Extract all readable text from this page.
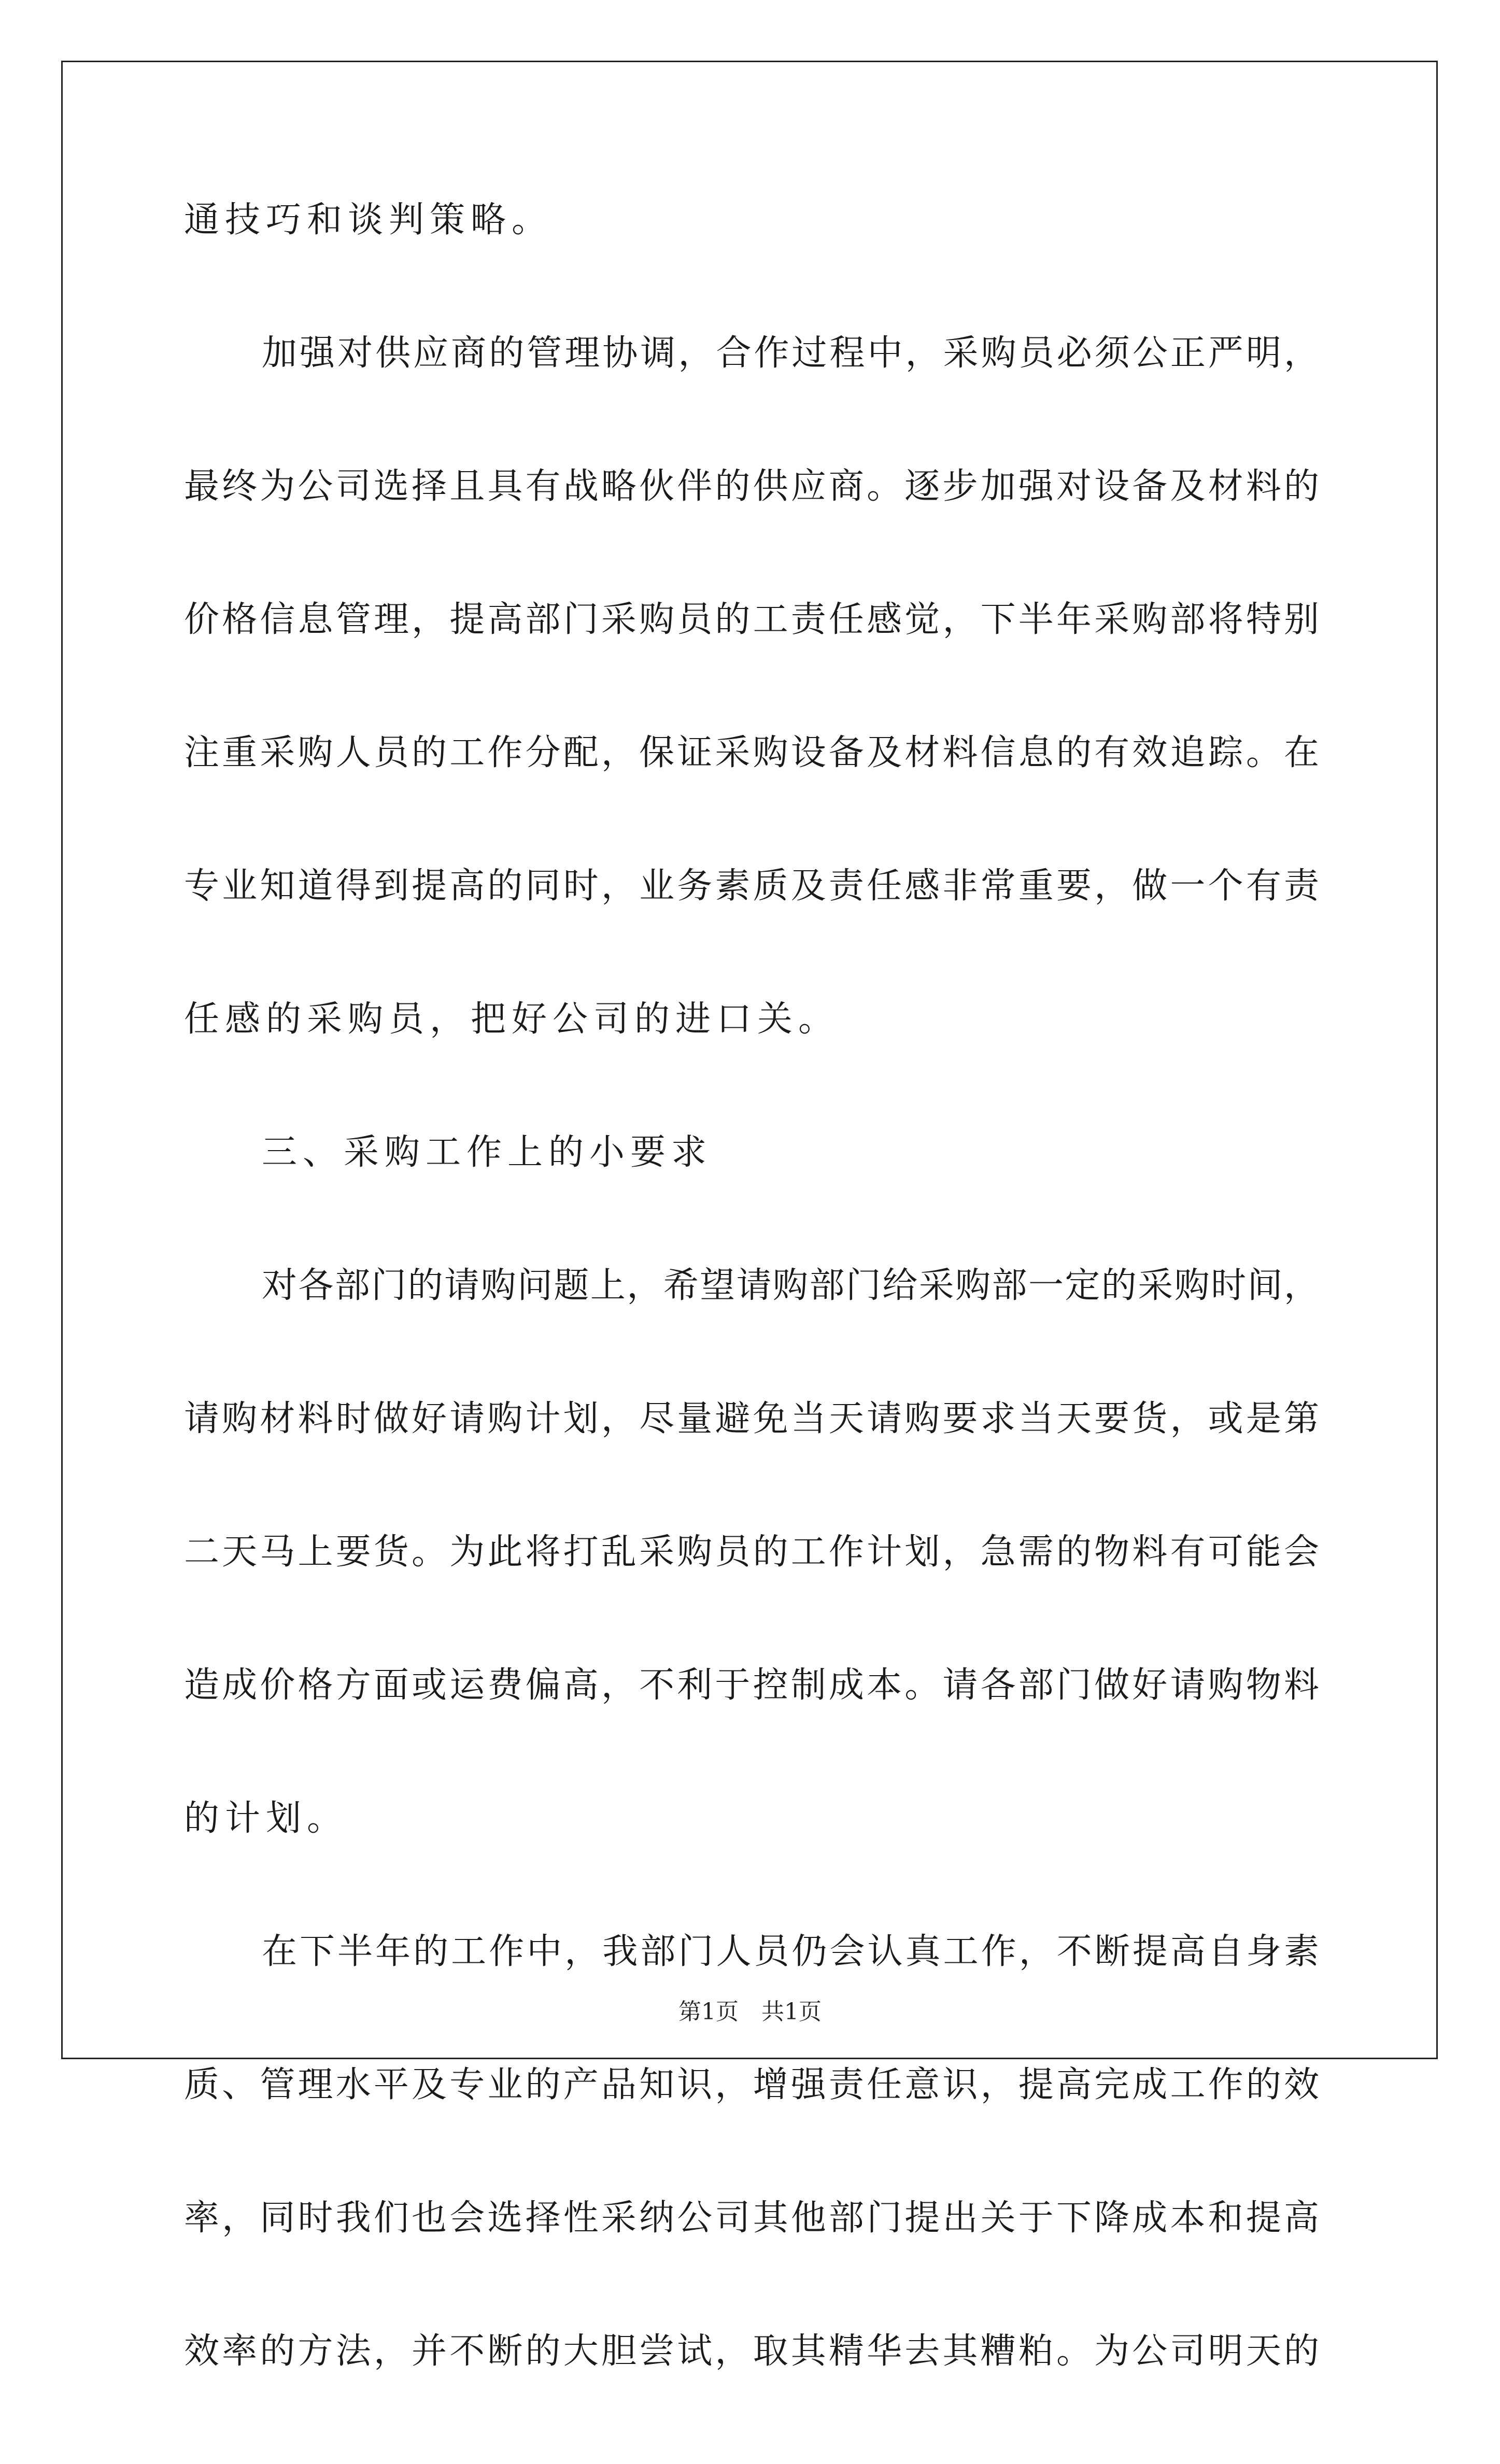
通技巧和谈判策略。
加强对供应商的管理协调，合作过程中，采购员必须公正严明，
最终为公司选择且具有战略伙伴的供应商。逐步加强对设备及材料的
价格信息管理，提高部门采购员的工责任感觉，下半年采购部将特别
注重采购人员的工作分配，保证采购设备及材料信息的有效追踪。在
专业知道得到提高的同时，业务素质及责任感非常重要，做一个有责
任感的采购员，把好公司的进口关。
三、采购工作上的小要求
对各部门的请购问题上，希望请购部门给采购部一定的采购时间，
请购材料时做好请购计划，尽量避免当天请购要求当天要货，或是第
二天马上要货。为此将打乱采购员的工作计划，急需的物料有可能会
造成价格方面或运费偏高，不利于控制成本。请各部门做好请购物料
的计划。
在下半年的工作中，我部门人员仍会认真工作，不断提高自身素
质、管理水平及专业的产品知识，增强责任意识，提高完成工作的效
率，同时我们也会选择性采纳公司其他部门提出关于下降成本和提高
效率的方法，并不断的大胆尝试，取其精华去其糟粕。为公司明天的
第1页　共1页
